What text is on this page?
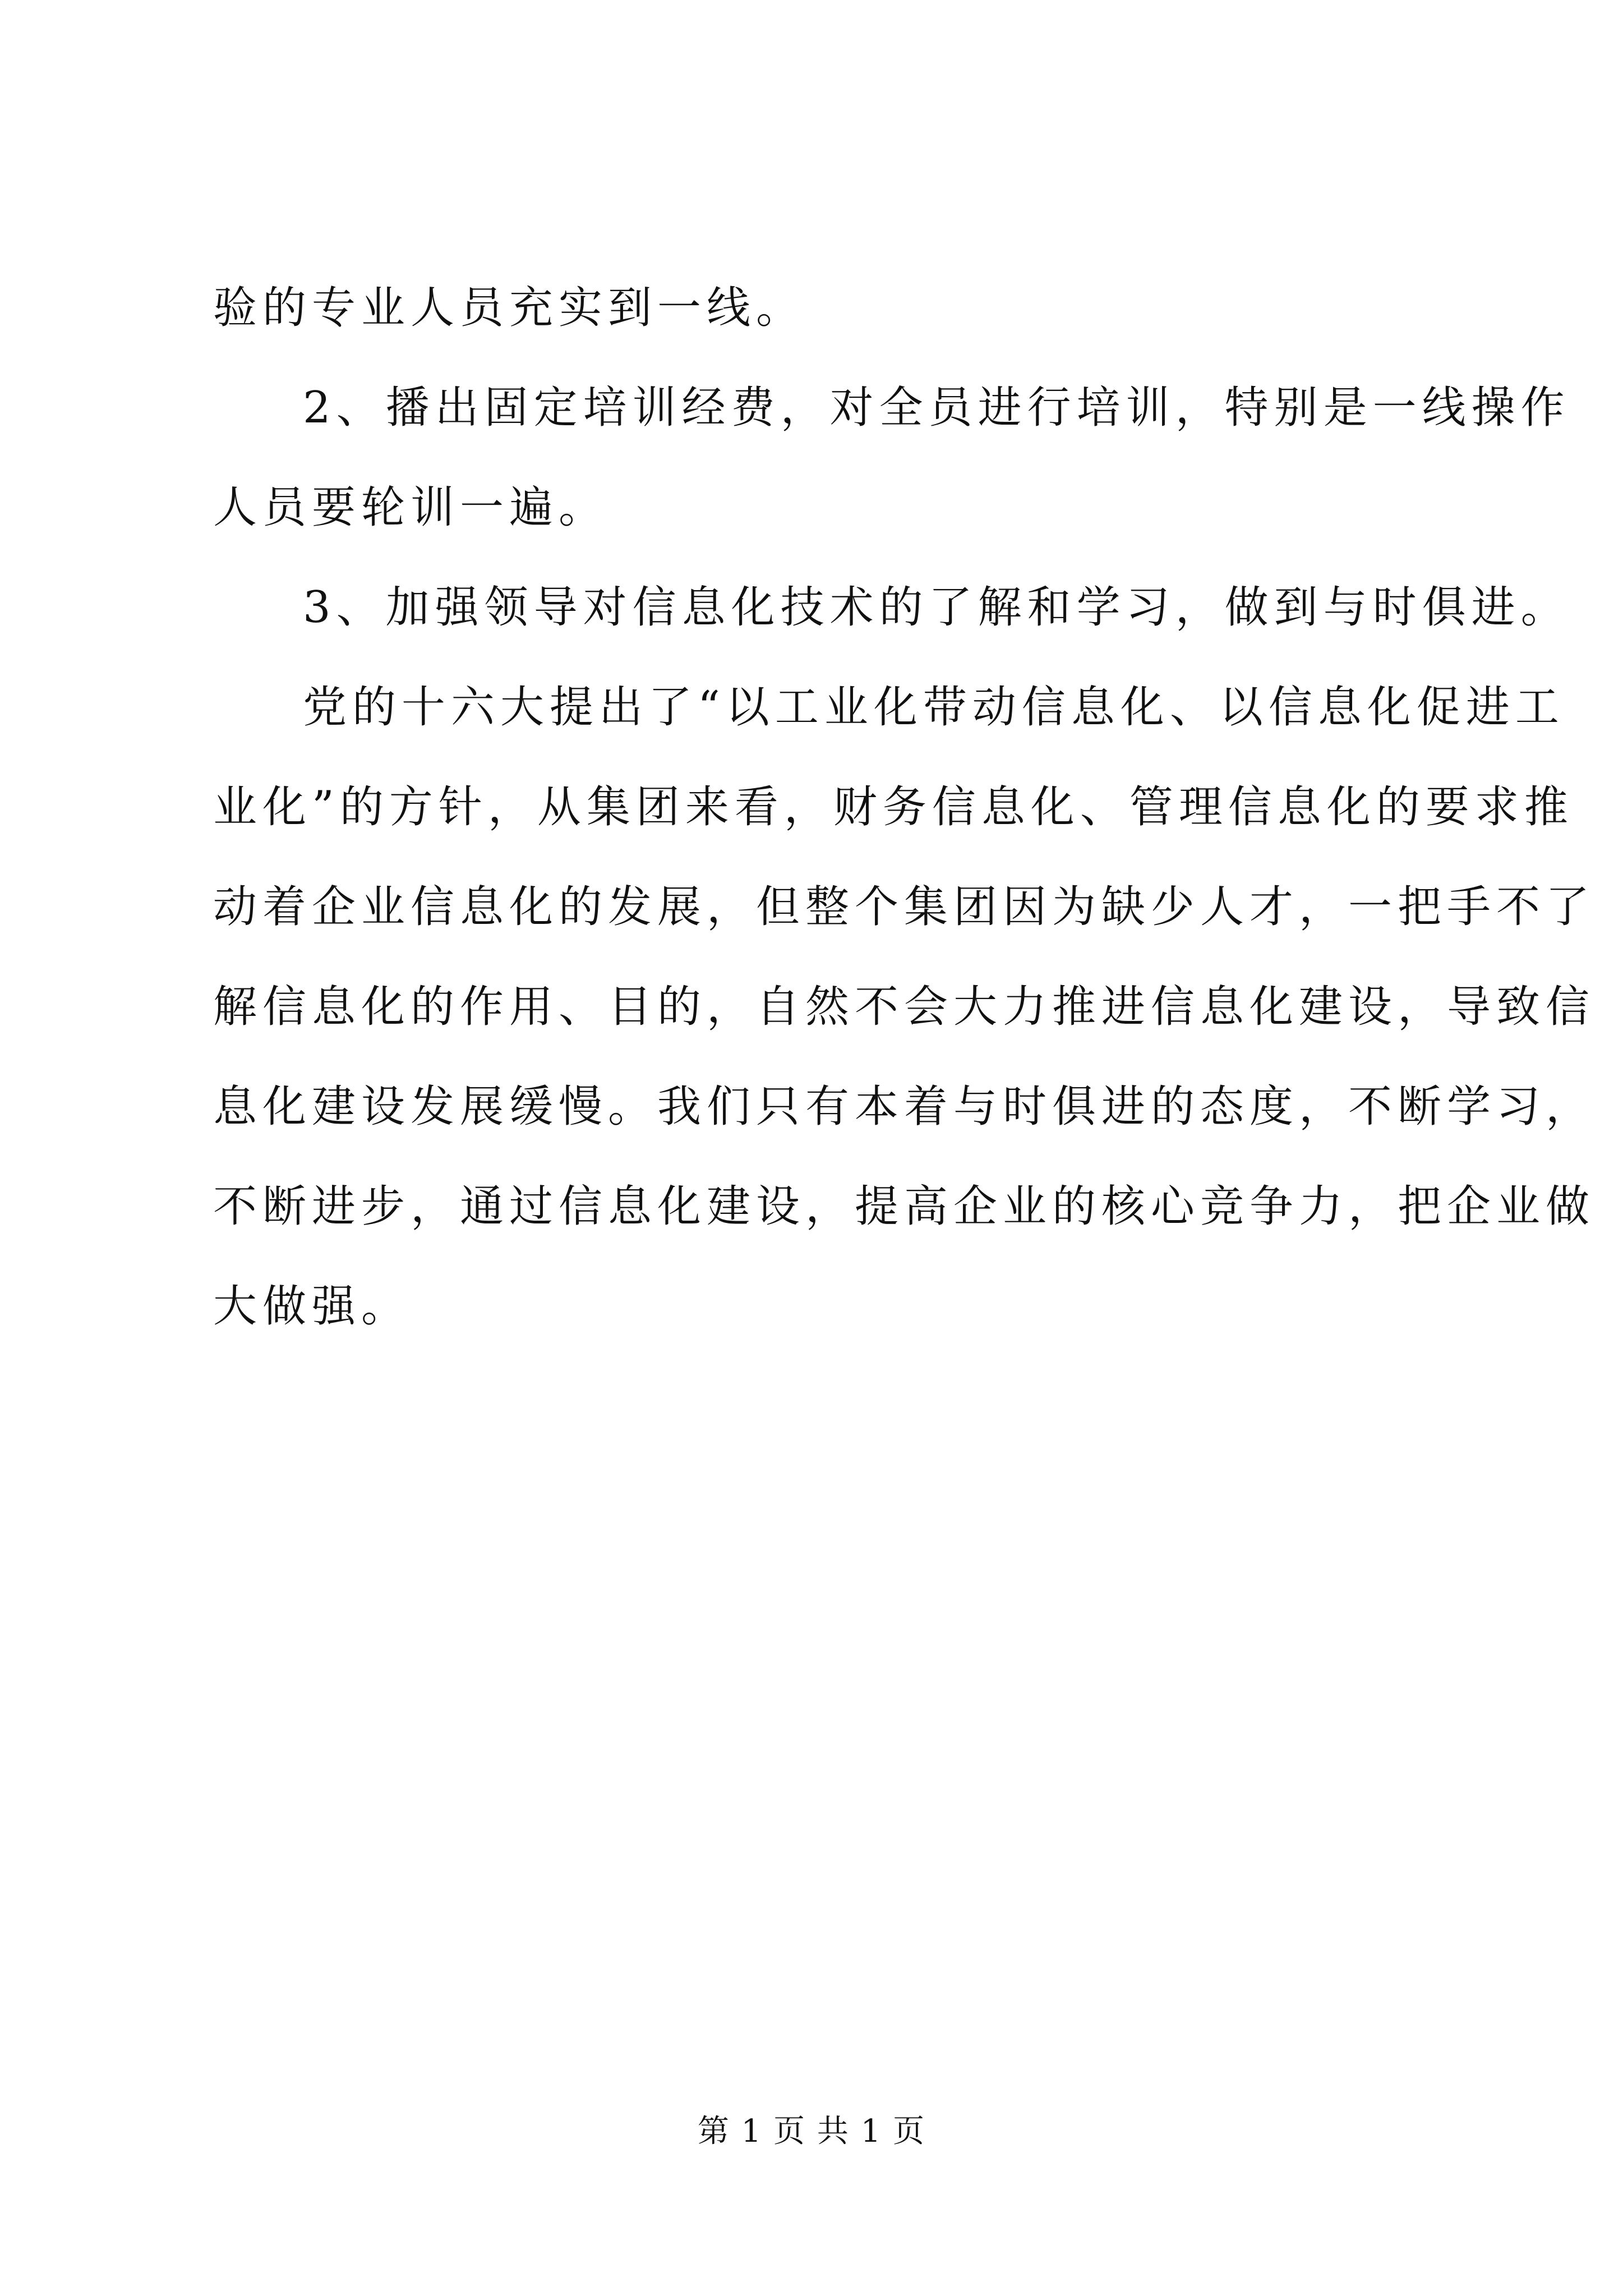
验的专业人员充实到一线。
2、播出固定培训经费，对全员进行培训，特别是一线操作
人员要轮训一遍。
3、加强领导对信息化技术的了解和学习，做到与时俱进。
党的十六大提出了“以工业化带动信息化、以信息化促进工
业化”的方针，从集团来看，财务信息化、管理信息化的要求推
动着企业信息化的发展，但整个集团因为缺少人才，一把手不了
解信息化的作用、目的，自然不会大力推进信息化建设，导致信
息化建设发展缓慢。我们只有本着与时俱进的态度，不断学习，
不断进步，通过信息化建设，提高企业的核心竞争力，把企业做
大做强。
第 1 页 共 1 页
